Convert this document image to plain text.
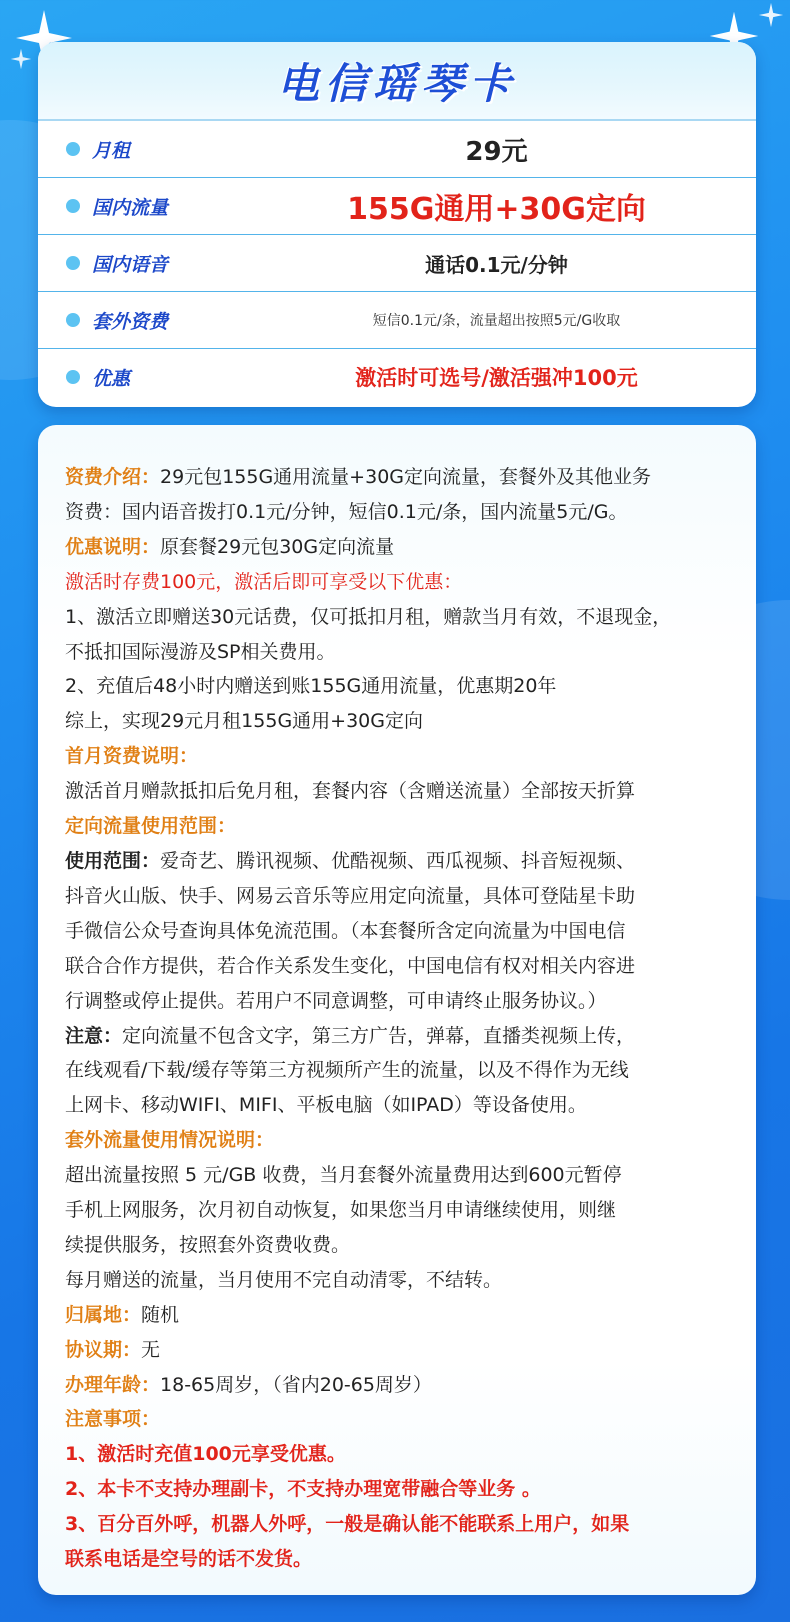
电信瑶琴卡
月租	29元
国内流量	155G通用+30G定向
国内语音	通话0.1元/分钟
套外资费	短信0.1元/条，流量超出按照5元/G收取
优惠	激活时可选号/激活强冲100元

资费介绍：29元包155G通用流量+30G定向流量，套餐外及其他业务

资费：国内语音拨打0.1元/分钟，短信0.1元/条，国内流量5元/G。

优惠说明：原套餐29元包30G定向流量

激活时存费100元，激活后即可享受以下优惠：

1、激活立即赠送30元话费，仅可抵扣月租，赠款当月有效，不退现金，

不抵扣国际漫游及SP相关费用。

2、充值后48小时内赠送到账155G通用流量，优惠期20年

综上，实现29元月租155G通用+30G定向

首月资费说明：

激活首月赠款抵扣后免月租，套餐内容（含赠送流量）全部按天折算

定向流量使用范围：

使用范围：爱奇艺、腾讯视频、优酷视频、西瓜视频、抖音短视频、

抖音火山版、快手、网易云音乐等应用定向流量，具体可登陆星卡助

手微信公众号查询具体免流范围。（本套餐所含定向流量为中国电信

联合合作方提供，若合作关系发生变化，中国电信有权对相关内容进

行调整或停止提供。若用户不同意调整，可申请终止服务协议。）

注意：定向流量不包含文字，第三方广告，弹幕，直播类视频上传，

在线观看/下载/缓存等第三方视频所产生的流量，以及不得作为无线

上网卡、移动WIFI、MIFI、平板电脑（如IPAD）等设备使用。

套外流量使用情况说明：

超出流量按照 5 元/GB 收费，当月套餐外流量费用达到600元暂停

手机上网服务，次月初自动恢复，如果您当月申请继续使用，则继

续提供服务，按照套外资费收费。

每月赠送的流量，当月使用不完自动清零，不结转。

归属地：随机

协议期：无

办理年龄：18-65周岁，（省内20-65周岁）

注意事项：

1、激活时充值100元享受优惠。

2、本卡不支持办理副卡，不支持办理宽带融合等业务 。

3、百分百外呼，机器人外呼，一般是确认能不能联系上用户，如果

联系电话是空号的话不发货。
